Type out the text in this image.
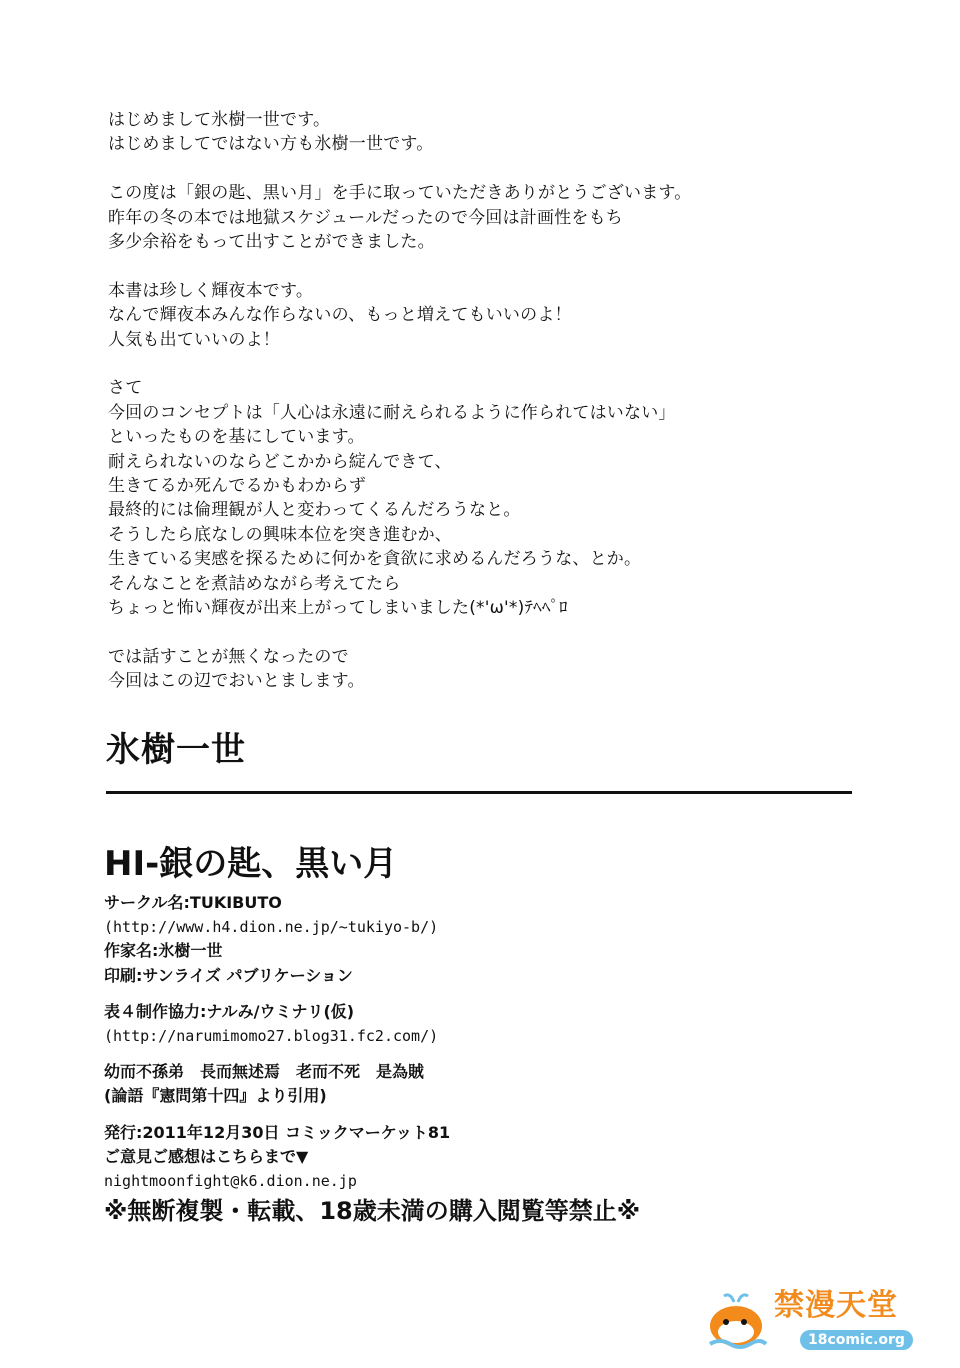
はじめまして氷樹一世です。
はじめましてではない方も氷樹一世です。
この度は「銀の匙、黒い月」を手に取っていただきありがとうございます。
昨年の冬の本では地獄スケジュールだったので今回は計画性をもち
多少余裕をもって出すことができました。
本書は珍しく輝夜本です。
なんで輝夜本みんな作らないの、もっと増えてもいいのよ！
人気も出ていいのよ！
さて
今回のコンセプトは「人心は永遠に耐えられるように作られてはいない」
といったものを基にしています。
耐えられないのならどこかから綻んできて、
生きてるか死んでるかもわからず
最終的には倫理観が人と変わってくるんだろうなと。
そうしたら底なしの興味本位を突き進むか、
生きている実感を探るために何かを貪欲に求めるんだろうな、とか。
そんなことを煮詰めながら考えてたら
ちょっと怖い輝夜が出来上がってしまいました(*'ω'*)ﾃﾍﾍﾟﾛ
では話すことが無くなったので
今回はこの辺でおいとまします。
氷樹一世
HI-銀の匙、黒い月
サークル名:TUKIBUTO
(http://www.h4.dion.ne.jp/~tukiyo-b/)
作家名:氷樹一世
印刷:サンライズ パブリケーション
表４制作協力:ナルみ/ウミナリ(仮)
(http://narumimomo27.blog31.fc2.com/)
幼而不孫弟　長而無述焉　老而不死　是為賊
(論語『憲問第十四』より引用)
発行:2011年12月30日 コミックマーケット81
ご意見ご感想はこちらまで▼
nightmoonfight@k6.dion.ne.jp
※無断複製・転載、18歳未満の購入閲覧等禁止※
禁漫天堂
18comic.org
